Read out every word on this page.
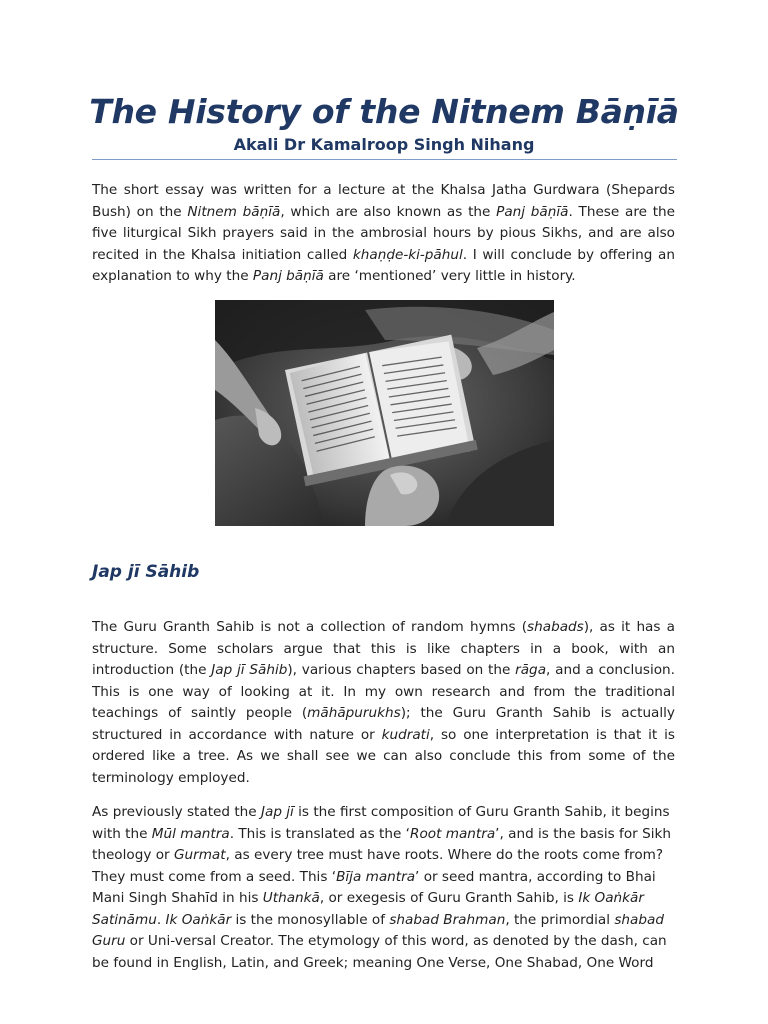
The History of the Nitnem Bāṇīā
Akali Dr Kamalroop Singh Nihang

The short essay was written for a lecture at the Khalsa Jatha Gurdwara (Shepards Bush) on the Nitnem bāṇīā, which are also known as the Panj bāṇīā. These are the five liturgical Sikh prayers said in the ambrosial hours by pious Sikhs, and are also recited in the Khalsa initiation called khaṇḍe-ki-pāhul. I will conclude by offering an explanation to why the Panj bāṇīā are ‘mentioned’ very little in history.

Jap jī Sāhib

The Guru Granth Sahib is not a collection of random hymns (shabads), as it has a structure. Some scholars argue that this is like chapters in a book, with an introduction (the Jap jī Sāhib), various chapters based on the rāga, and a conclusion. This is one way of looking at it. In my own research and from the traditional teachings of saintly people (māhāpurukhs); the Guru Granth Sahib is actually structured in accordance with nature or kudrati, so one interpretation is that it is ordered like a tree. As we shall see we can also conclude this from some of the terminology employed.

As previously stated the Jap jī is the first composition of Guru Granth Sahib, it begins with the Mūl mantra. This is translated as the ‘Root mantra’, and is the basis for Sikh theology or Gurmat, as every tree must have roots. Where do the roots come from? They must come from a seed. This ‘Bīja mantra’ or seed mantra, according to Bhai Mani Singh Shahīd in his Uthankā, or exegesis of Guru Granth Sahib, is Ik Oaṅkār Satināmu. Ik Oaṅkār is the monosyllable of shabad Brahman, the primordial shabad Guru or Uni-versal Creator. The etymology of this word, as denoted by the dash, can be found in English, Latin, and Greek; meaning One Verse, One Shabad, One Word
